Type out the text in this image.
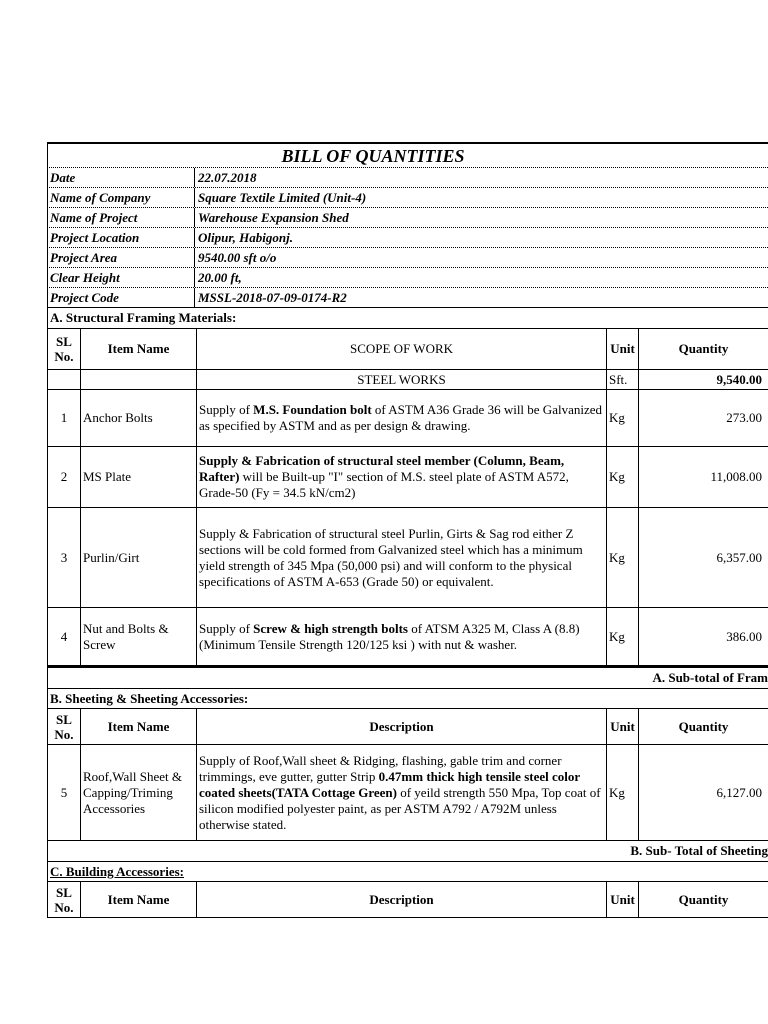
BILL OF QUANTITIES
Date	22.07.2018
Name of Company	Square Textile Limited (Unit-4)
Name of Project	Warehouse Expansion Shed
Project Location	Olipur, Habigonj.
Project Area	9540.00 sft o/o
Clear Height	20.00 ft,
Project Code	MSSL-2018-07-09-0174-R2
A. Structural Framing Materials:
SL No.	Item Name	SCOPE OF WORK	Unit	Quantity
		STEEL WORKS	Sft.	9,540.00
1	Anchor Bolts	Supply of M.S. Foundation bolt of ASTM A36 Grade 36 will be Galvanized as specified by ASTM and as per design & drawing.	Kg	273.00
2	MS Plate	Supply & Fabrication of structural steel member (Column, Beam, Rafter) will be Built-up "I" section of M.S. steel plate of ASTM A572, Grade-50 (Fy = 34.5 kN/cm2)	Kg	11,008.00
3	Purlin/Girt	Supply & Fabrication of structural steel Purlin, Girts & Sag rod either Z sections will be cold formed from Galvanized steel which has a minimum yield strength of 345 Mpa (50,000 psi) and will conform to the physical specifications of ASTM A-653 (Grade 50) or equivalent.	Kg	6,357.00
4	Nut and Bolts & Screw	Supply of Screw & high strength bolts of ATSM A325 M, Class A (8.8)(Minimum Tensile Strength 120/125 ksi ) with nut & washer.	Kg	386.00
A. Sub-total of Fram
B. Sheeting & Sheeting Accessories:
SL No.	Item Name	Description	Unit	Quantity
5	Roof,Wall Sheet & Capping/Triming Accessories	Supply of Roof,Wall sheet & Ridging, flashing, gable trim and corner trimmings, eve gutter, gutter Strip 0.47mm thick high tensile steel color coated sheets(TATA Cottage Green) of yeild strength 550 Mpa, Top coat of silicon modified polyester paint, as per ASTM A792 / A792M unless otherwise stated.	Kg	6,127.00
B. Sub- Total of Sheeting
C. Building Accessories:
SL No.	Item Name	Description	Unit	Quantity
